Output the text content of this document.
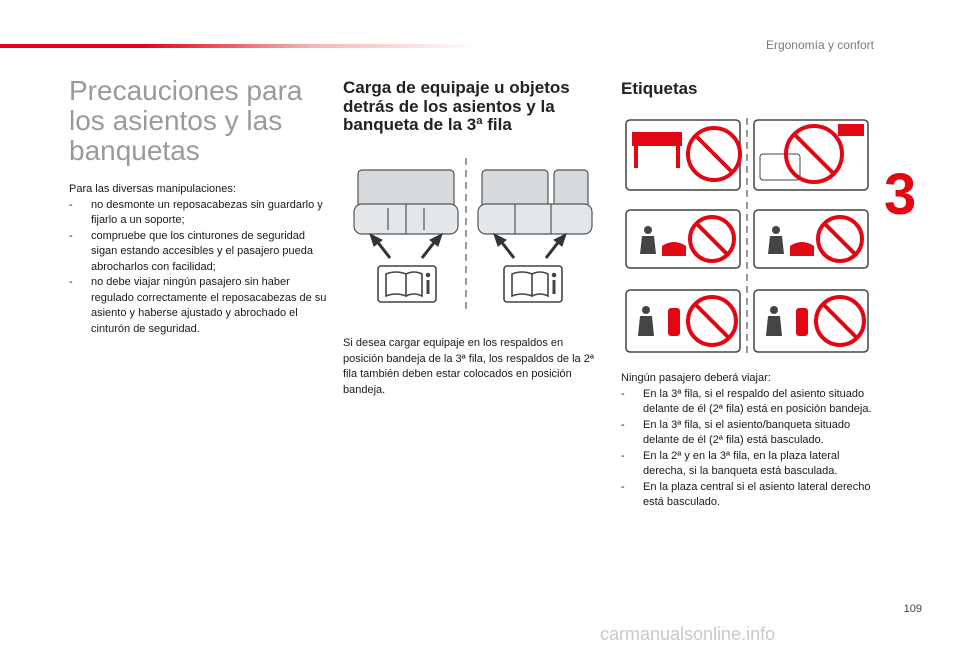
Ergonomía y confort
3
109
carmanualsonline.info
Precauciones para los asientos y las banquetas

Para las diversas manipulaciones:

- no desmonte un reposacabezas sin guardarlo y fijarlo a un soporte;
- compruebe que los cinturones de seguridad sigan estando accesibles y el pasajero pueda abrocharlos con facilidad;
- no debe viajar ningún pasajero sin haber regulado correctamente el reposacabezas de su asiento y haberse ajustado y abrochado el cinturón de seguridad.
Carga de equipaje u objetos detrás de los asientos y la banqueta de la 3ª fila

Si desea cargar equipaje en los respaldos en posición bandeja de la 3ª fila, los respaldos de la 2ª fila también deben estar colocados en posición bandeja.

Etiquetas

Ningún pasajero deberá viajar:

- En la 3ª fila, si el respaldo del asiento situado delante de él (2ª fila) está en posición bandeja.
- En la 3ª fila, si el asiento/banqueta situado delante de él (2ª fila) está basculado.
- En la 2ª y en la 3ª fila, en la plaza lateral derecha, si la banqueta está basculada.
- En la plaza central si el asiento lateral derecho está basculado.
